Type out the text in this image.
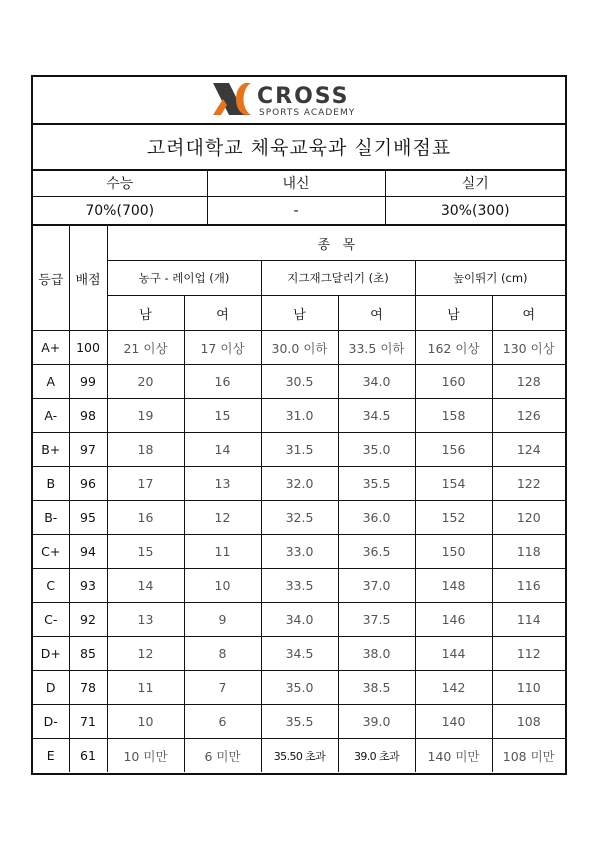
CROSS
SPORTS ACADEMY
고려대학교 체육교육과 실기배점표
수능	내신	실기
70%(700)	-	30%(300)
등급	배점	종   목					
		농구 - 레이업 (개)		지그재그달리기 (초)		높이뛰기 (cm)	
		남	여	남	여	남	여
A+	100	21 이상	17 이상	30.0 이하	33.5 이하	162 이상	130 이상
A	99	20	16	30.5	34.0	160	128
A-	98	19	15	31.0	34.5	158	126
B+	97	18	14	31.5	35.0	156	124
B	96	17	13	32.0	35.5	154	122
B-	95	16	12	32.5	36.0	152	120
C+	94	15	11	33.0	36.5	150	118
C	93	14	10	33.5	37.0	148	116
C-	92	13	9	34.0	37.5	146	114
D+	85	12	8	34.5	38.0	144	112
D	78	11	7	35.0	38.5	142	110
D-	71	10	6	35.5	39.0	140	108
E	61	10 미만	6 미만	35.50 초과	39.0 초과	140 미만	108 미만
